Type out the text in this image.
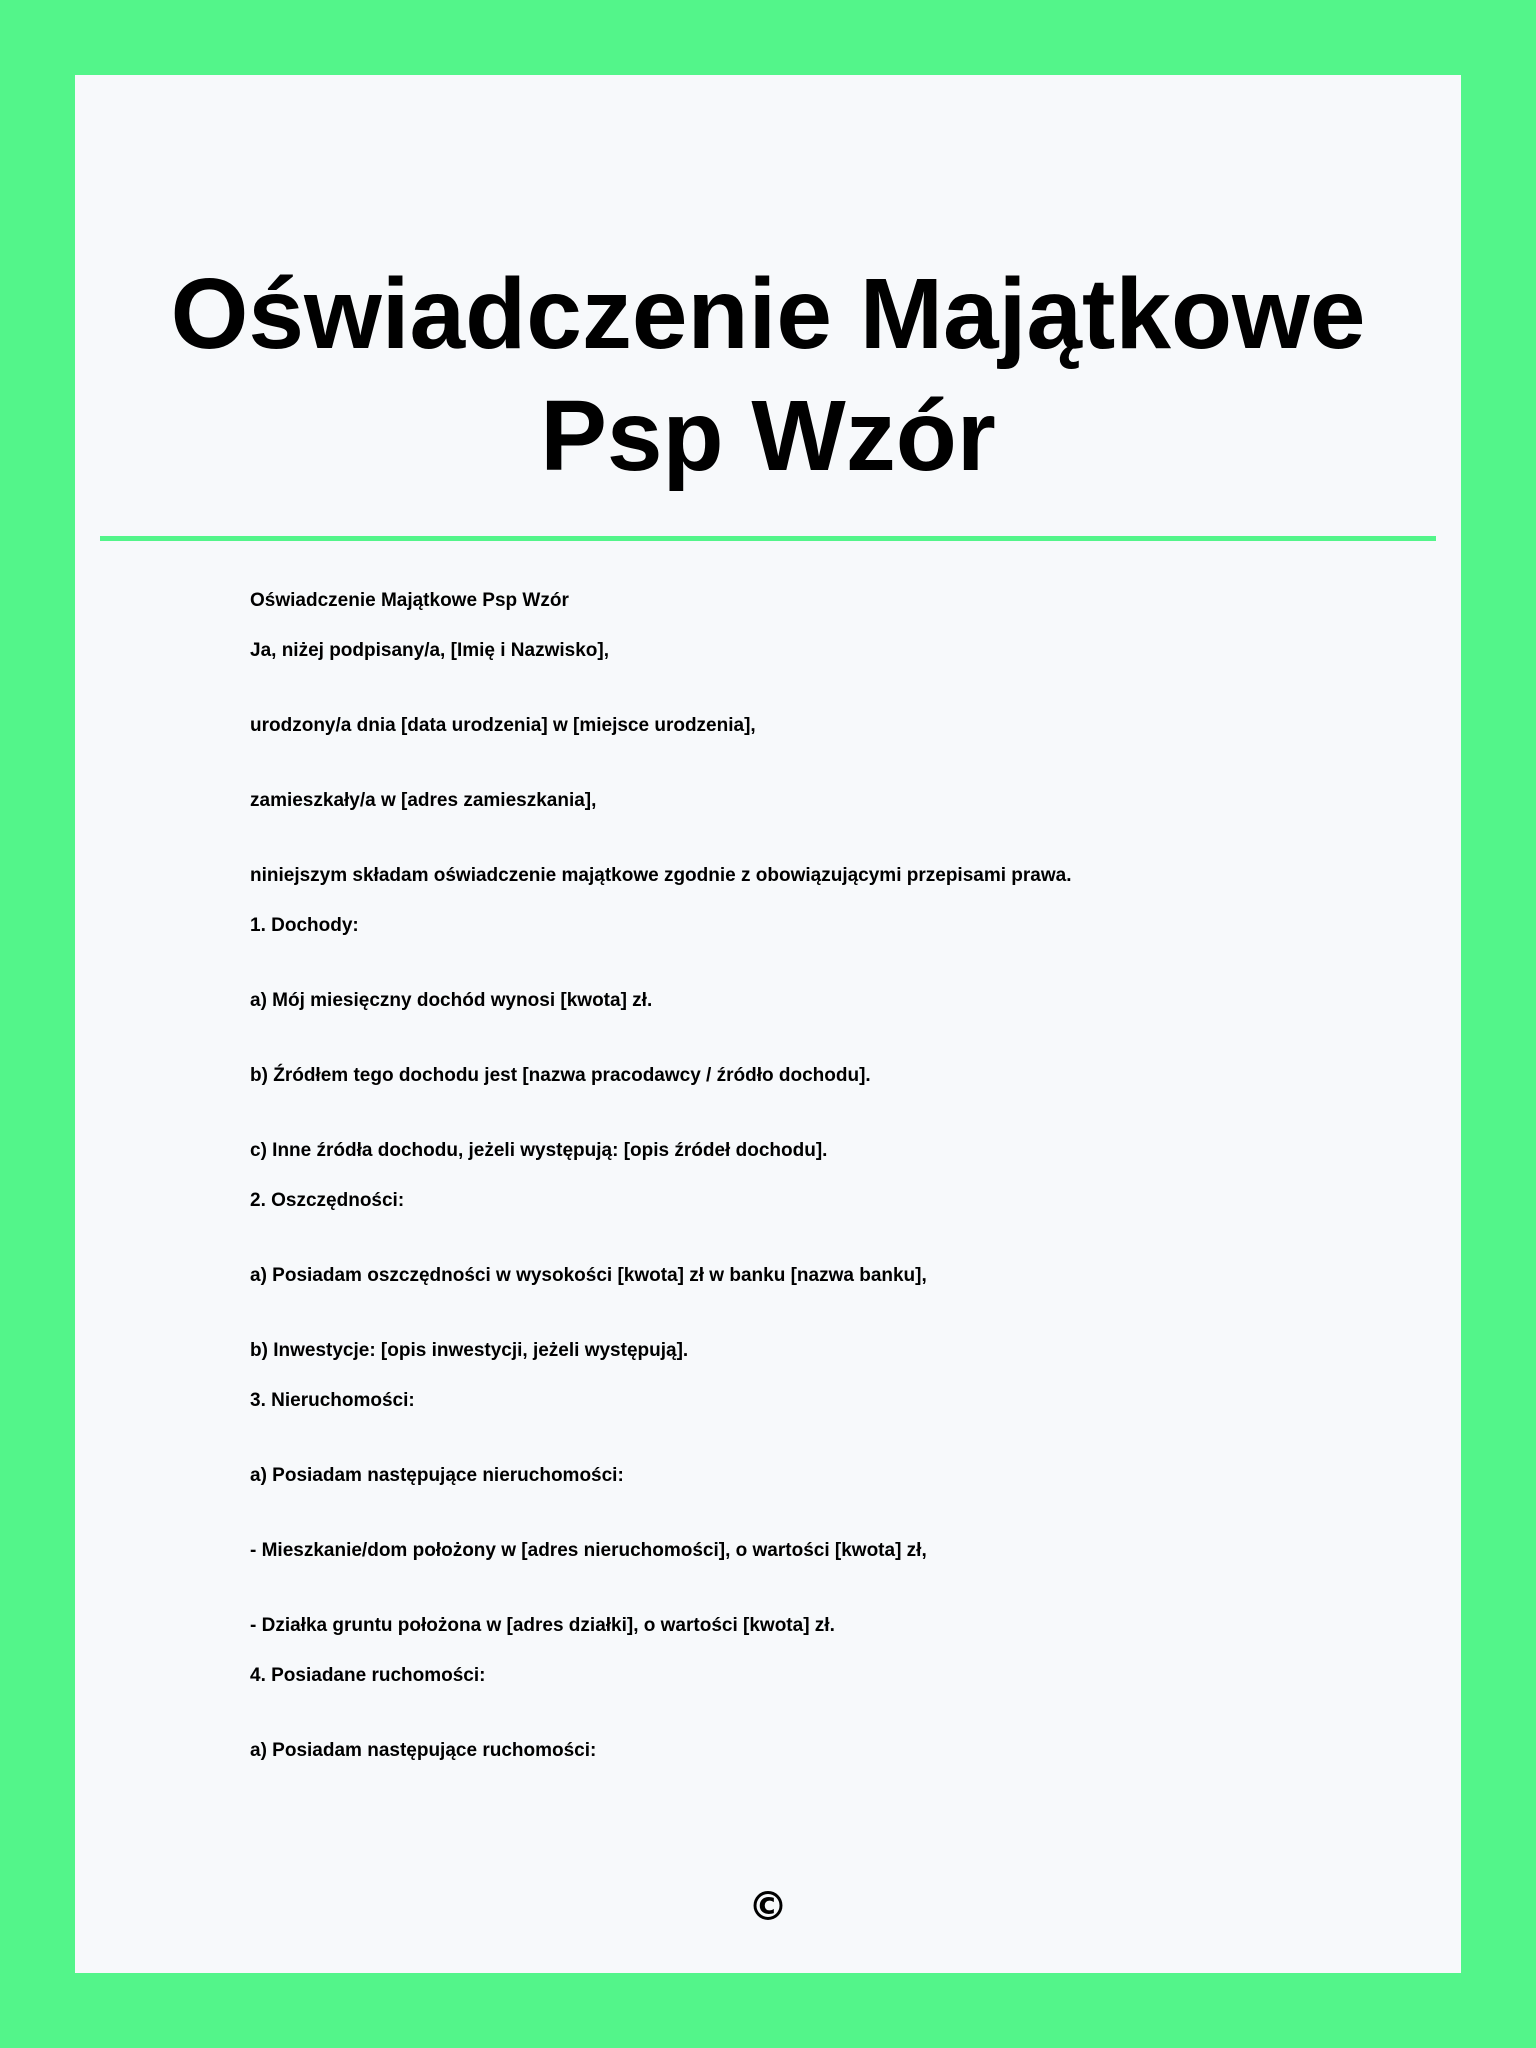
Oświadczenie Majątkowe
Psp Wzór
Oświadczenie Majątkowe Psp Wzór
Ja, niżej podpisany/a, [Imię i Nazwisko],
urodzony/a dnia [data urodzenia] w [miejsce urodzenia],
zamieszkały/a w [adres zamieszkania],
niniejszym składam oświadczenie majątkowe zgodnie z obowiązującymi przepisami prawa.
1. Dochody:
a) Mój miesięczny dochód wynosi [kwota] zł.
b) Źródłem tego dochodu jest [nazwa pracodawcy / źródło dochodu].
c) Inne źródła dochodu, jeżeli występują: [opis źródeł dochodu].
2. Oszczędności:
a) Posiadam oszczędności w wysokości [kwota] zł w banku [nazwa banku],
b) Inwestycje: [opis inwestycji, jeżeli występują].
3. Nieruchomości:
a) Posiadam następujące nieruchomości:
- Mieszkanie/dom położony w [adres nieruchomości], o wartości [kwota] zł,
- Działka gruntu położona w [adres działki], o wartości [kwota] zł.
4. Posiadane ruchomości:
a) Posiadam następujące ruchomości:
©
